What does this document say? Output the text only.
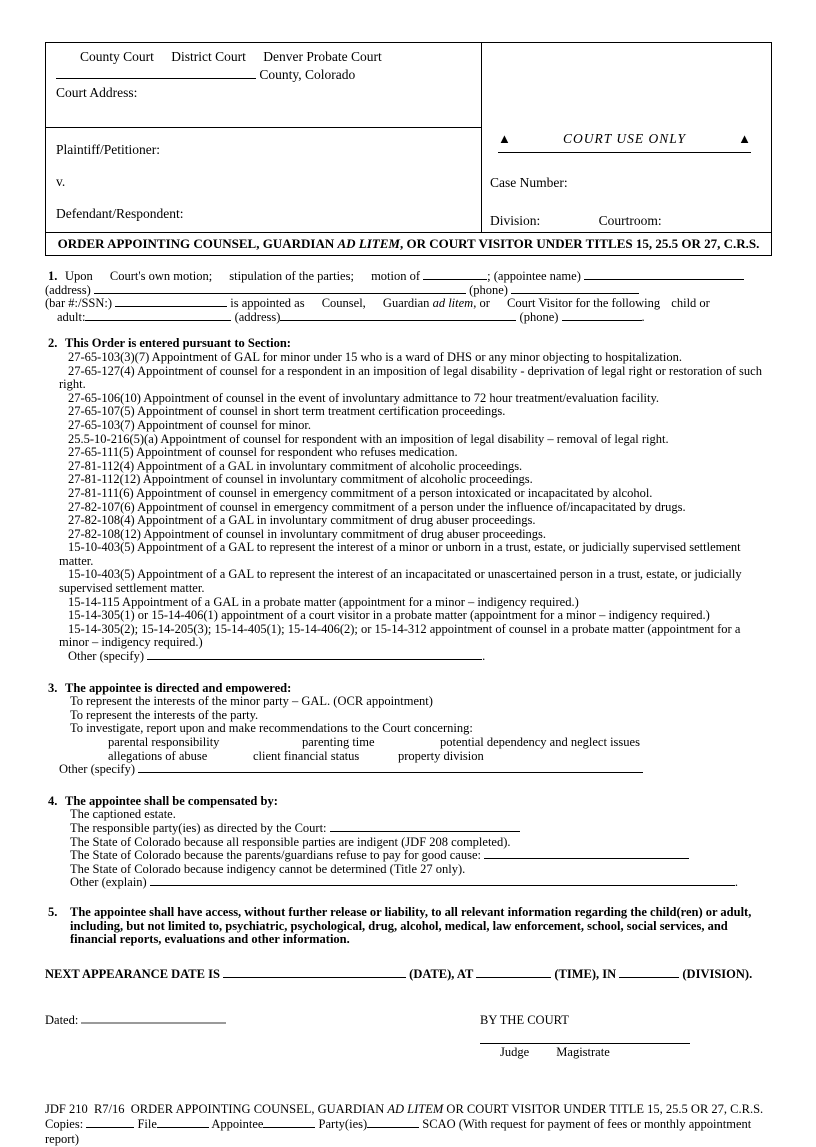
County Court District Court Denver Probate Court
County, Colorado
Court Address:
Plaintiff/Petitioner:
v.
Defendant/Respondent:
▲	COURT USE ONLY	▲
Case Number:
Division:	Courtroom:
ORDER APPOINTING COUNSEL, GUARDIAN AD LITEM, OR COURT VISITOR UNDER TITLES 15, 25.5 OR 27, C.R.S.
1. Upon Court's own motion; stipulation of the parties; motion of	; (appointee name)
(address)	(phone)
(bar #:/SSN:)	is appointed as Counsel, Guardian ad litem, or Court Visitor for the following child or
adult:	(address)	(phone)	.
2. This Order is entered pursuant to Section:
27-65-103(3)(7) Appointment of GAL for minor under 15 who is a ward of DHS or any minor objecting to hospitalization.
27-65-127(4) Appointment of counsel for a respondent in an imposition of legal disability - deprivation of legal right or restoration of such right.
27-65-106(10) Appointment of counsel in the event of involuntary admittance to 72 hour treatment/evaluation facility.
27-65-107(5) Appointment of counsel in short term treatment certification proceedings.
27-65-103(7) Appointment of counsel for minor.
25.5-10-216(5)(a) Appointment of counsel for respondent with an imposition of legal disability – removal of legal right.
27-65-111(5) Appointment of counsel for respondent who refuses medication.
27-81-112(4) Appointment of a GAL in involuntary commitment of alcoholic proceedings.
27-81-112(12) Appointment of counsel in involuntary commitment of alcoholic proceedings.
27-81-111(6) Appointment of counsel in emergency commitment of a person intoxicated or incapacitated by alcohol.
27-82-107(6) Appointment of counsel in emergency commitment of a person under the influence of/incapacitated by drugs.
27-82-108(4) Appointment of a GAL in involuntary commitment of drug abuser proceedings.
27-82-108(12) Appointment of counsel in involuntary commitment of drug abuser proceedings.
15-10-403(5) Appointment of a GAL to represent the interest of a minor or unborn in a trust, estate, or judicially supervised settlement matter.
15-10-403(5) Appointment of a GAL to represent the interest of an incapacitated or unascertained person in a trust, estate, or judicially supervised settlement matter.
15-14-115 Appointment of a GAL in a probate matter (appointment for a minor – indigency required.)
15-14-305(1) or 15-14-406(1) appointment of a court visitor in a probate matter (appointment for a minor – indigency required.)
15-14-305(2); 15-14-205(3); 15-14-405(1); 15-14-406(2); or 15-14-312 appointment of counsel in a probate matter (appointment for a minor – indigency required.)
Other (specify)	.
3. The appointee is directed and empowered:
To represent the interests of the minor party – GAL. (OCR appointment)
To represent the interests of the party.
To investigate, report upon and make recommendations to the Court concerning:
parental responsibility	parenting time	potential dependency and neglect issues
allegations of abuse	client financial status	property division
Other (specify)
4. The appointee shall be compensated by:
The captioned estate.
The responsible party(ies) as directed by the Court:
The State of Colorado because all responsible parties are indigent (JDF 208 completed).
The State of Colorado because the parents/guardians refuse to pay for good cause:
The State of Colorado because indigency cannot be determined (Title 27 only).
Other (explain)	.
5. The appointee shall have access, without further release or liability, to all relevant information regarding the child(ren) or adult, including, but not limited to, psychiatric, psychological, drug, alcohol, medical, law enforcement, school, social services, and financial reports, evaluations and other information.
NEXT APPEARANCE DATE IS	(DATE), AT	(TIME), IN	(DIVISION).
Dated:	BY THE COURT
Judge Magistrate
JDF 210  R7/16  ORDER APPOINTING COUNSEL, GUARDIAN AD LITEM OR COURT VISITOR UNDER TITLE 15, 25.5 OR 27, C.R.S.
Copies:	File	Appointee	Party(ies)	SCAO (With request for payment of fees or monthly appointment report)
